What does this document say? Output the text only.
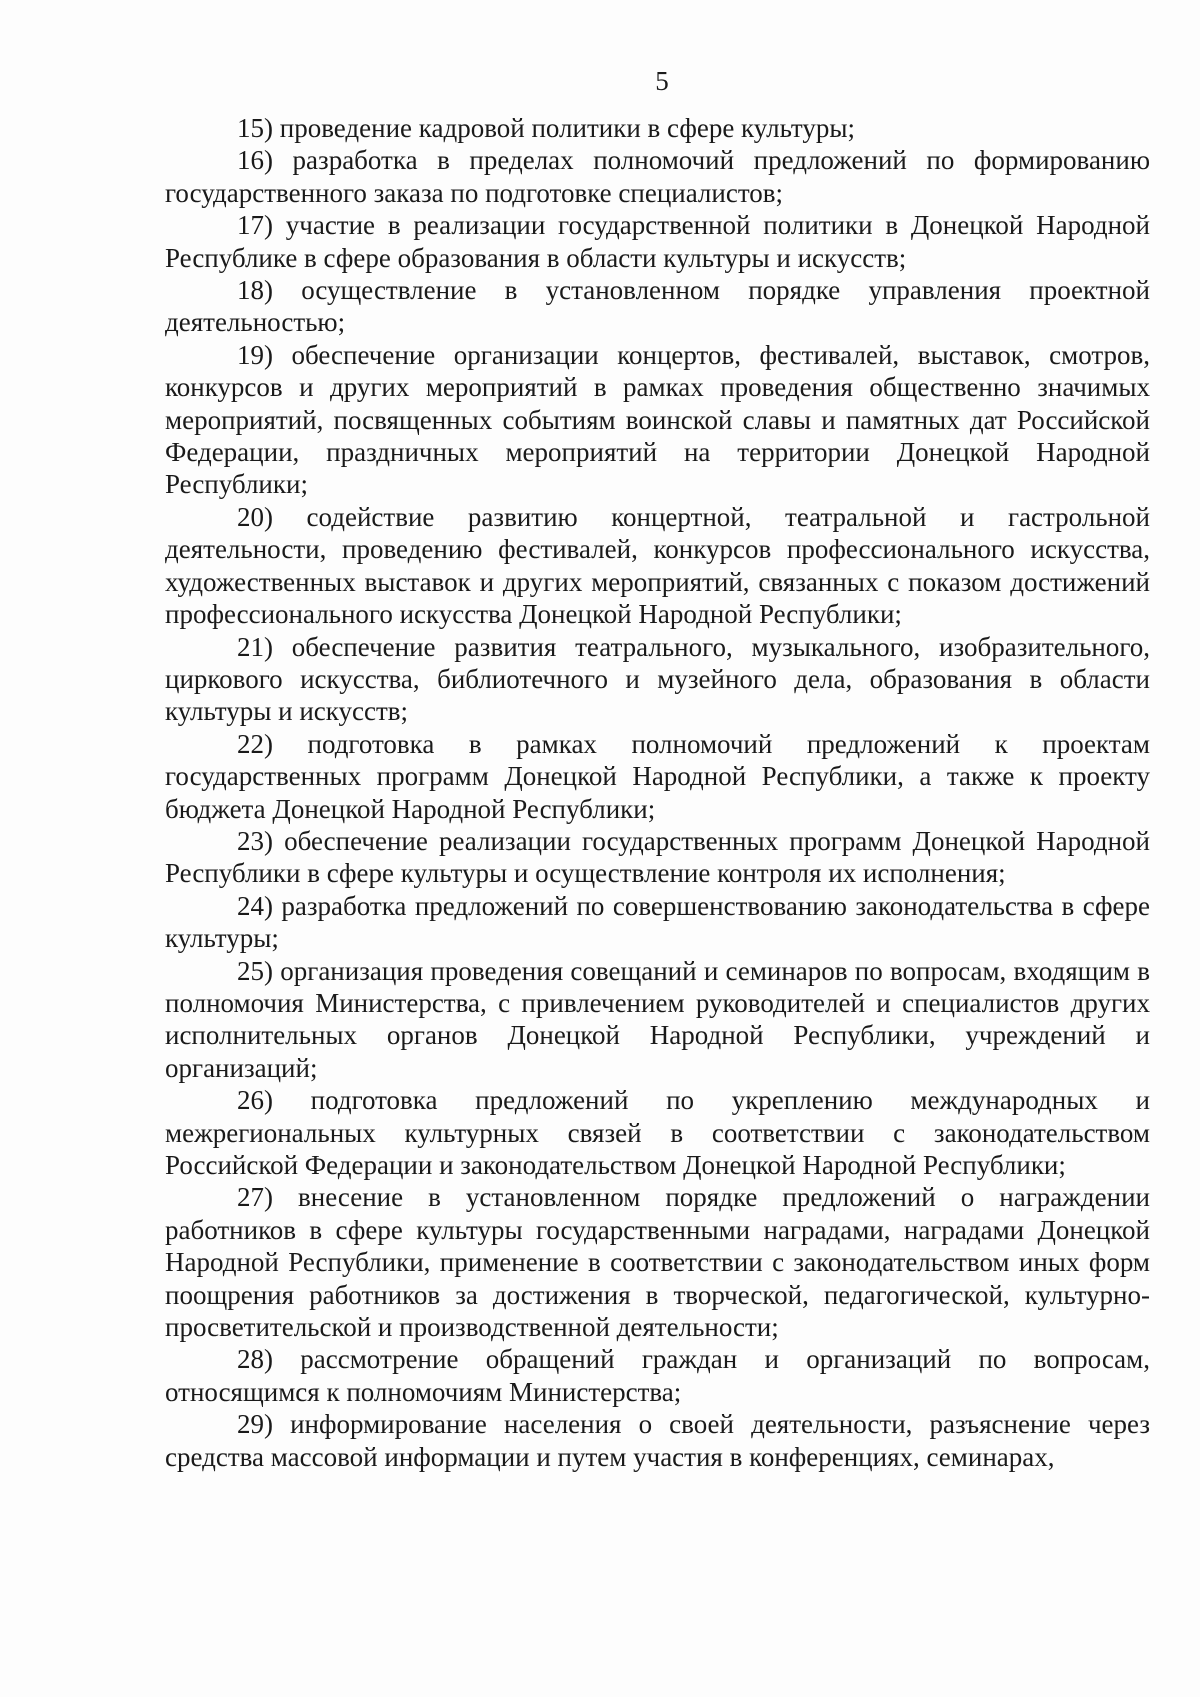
5

15) проведение кадровой политики в сфере культуры;

16) разработка в пределах полномочий предложений по формированию государственного заказа по подготовке специалистов;

17) участие в реализации государственной политики в Донецкой Народной Республике в сфере образования в области культуры и искусств;

18) осуществление в установленном порядке управления проектной деятельностью;

19) обеспечение организации концертов, фестивалей, выставок, смотров, конкурсов и других мероприятий в рамках проведения общественно значимых мероприятий, посвященных событиям воинской славы и памятных дат Российской Федерации, праздничных мероприятий на территории Донецкой Народной Республики;

20) содействие развитию концертной, театральной и гастрольной деятельности, проведению фестивалей, конкурсов профессионального искусства, художественных выставок и других мероприятий, связанных с показом достижений профессионального искусства Донецкой Народной Республики;

21) обеспечение развития театрального, музыкального, изобразительного, циркового искусства, библиотечного и музейного дела, образования в области культуры и искусств;

22) подготовка в рамках полномочий предложений к проектам государственных программ Донецкой Народной Республики, а также к проекту бюджета Донецкой Народной Республики;

23) обеспечение реализации государственных программ Донецкой Народной Республики в сфере культуры и осуществление контроля их исполнения;

24) разработка предложений по совершенствованию законодательства в сфере культуры;

25) организация проведения совещаний и семинаров по вопросам, входящим в полномочия Министерства, с привлечением руководителей и специалистов других исполнительных органов Донецкой Народной Республики, учреждений и организаций;

26) подготовка предложений по укреплению международных и межрегиональных культурных связей в соответствии с законодательством Российской Федерации и законодательством Донецкой Народной Республики;

27) внесение в установленном порядке предложений о награждении работников в сфере культуры государственными наградами, наградами Донецкой Народной Республики, применение в соответствии с законодательством иных форм поощрения работников за достижения в творческой, педагогической, культурно-просветительской и производственной деятельности;

28) рассмотрение обращений граждан и организаций по вопросам, относящимся к полномочиям Министерства;

29) информирование населения о своей деятельности, разъяснение через средства массовой информации и путем участия в конференциях, семинарах,
